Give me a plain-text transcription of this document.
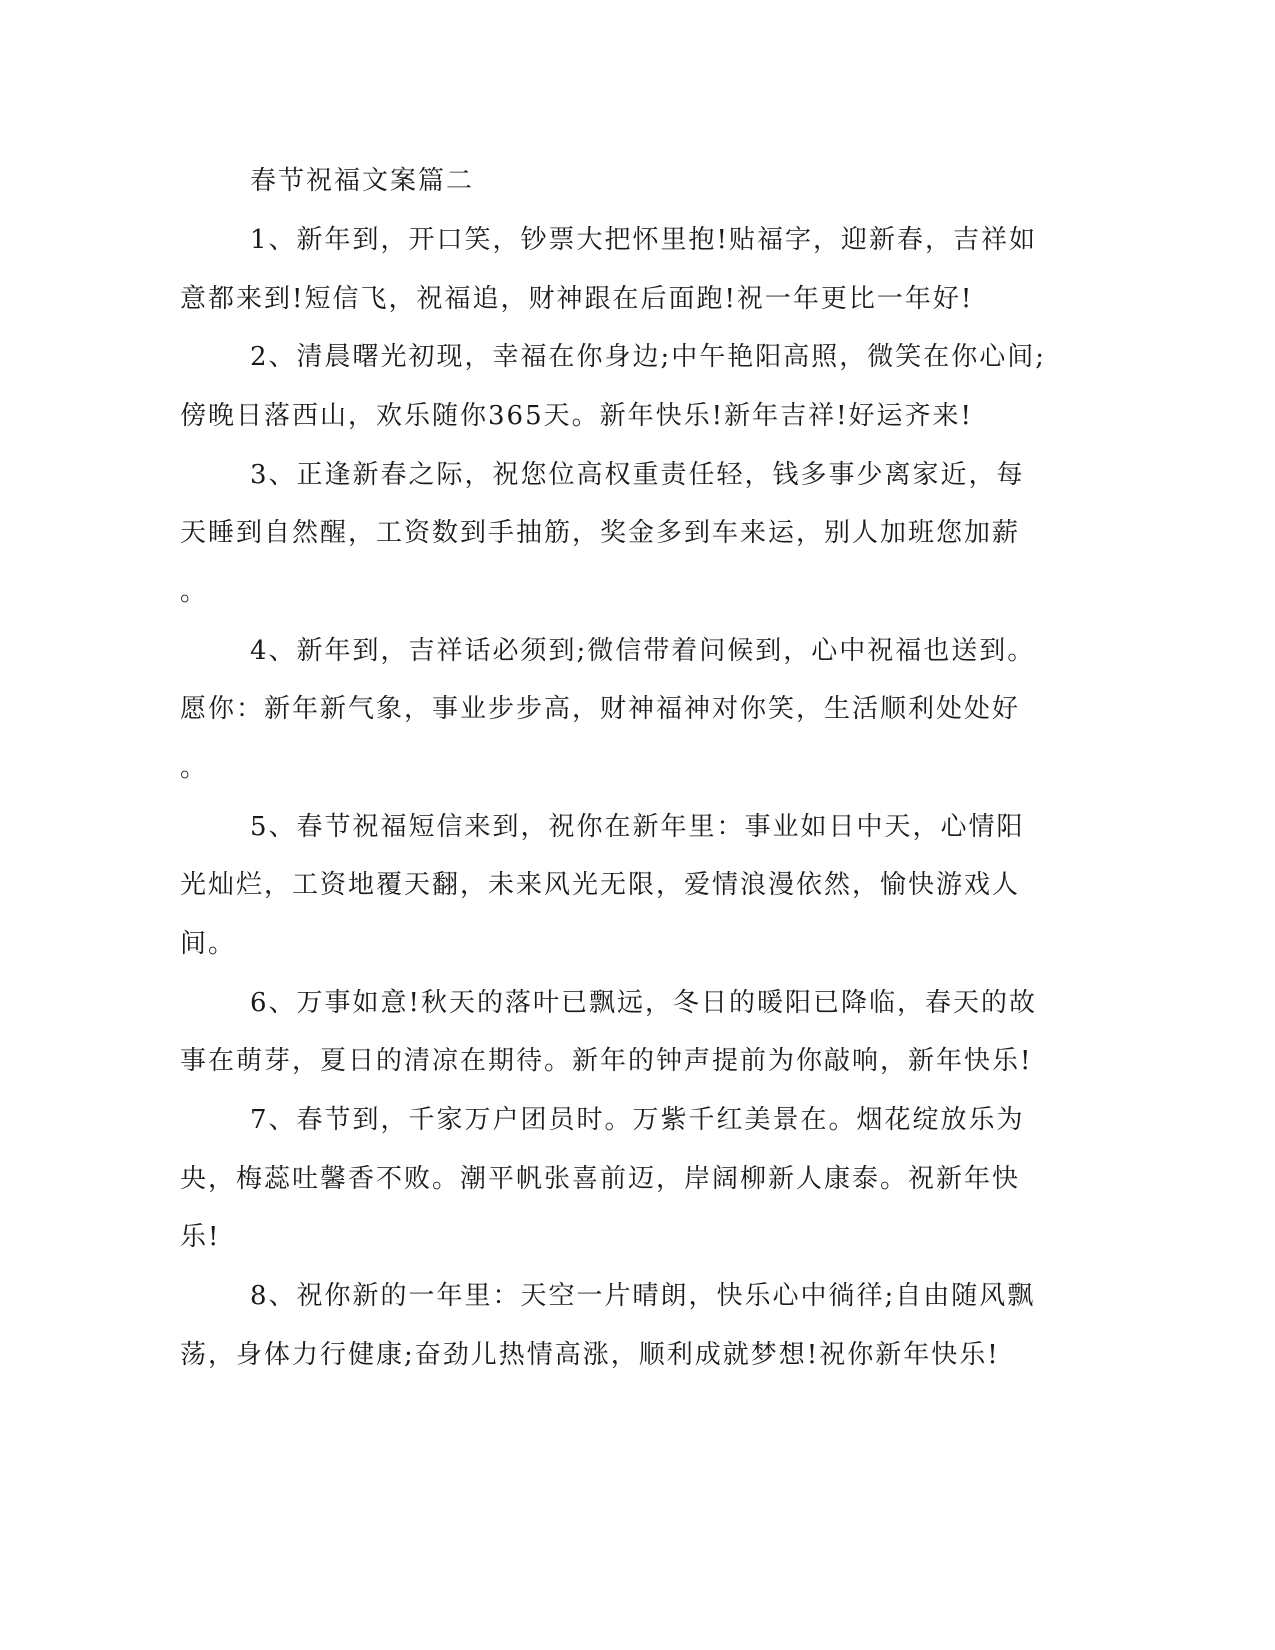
春节祝福文案篇二
1、新年到，开口笑，钞票大把怀里抱!贴福字，迎新春，吉祥如
意都来到!短信飞，祝福追，财神跟在后面跑!祝一年更比一年好!
2、清晨曙光初现，幸福在你身边;中午艳阳高照，微笑在你心间;
傍晚日落西山，欢乐随你365天。新年快乐!新年吉祥!好运齐来!
3、正逢新春之际，祝您位高权重责任轻，钱多事少离家近，每
天睡到自然醒，工资数到手抽筋，奖金多到车来运，别人加班您加薪
。
4、新年到，吉祥话必须到;微信带着问候到，心中祝福也送到。
愿你：新年新气象，事业步步高，财神福神对你笑，生活顺利处处好
。
5、春节祝福短信来到，祝你在新年里：事业如日中天，心情阳
光灿烂，工资地覆天翻，未来风光无限，爱情浪漫依然，愉快游戏人
间。
6、万事如意!秋天的落叶已飘远，冬日的暖阳已降临，春天的故
事在萌芽，夏日的清凉在期待。新年的钟声提前为你敲响，新年快乐!
7、春节到，千家万户团员时。万紫千红美景在。烟花绽放乐为
央，梅蕊吐馨香不败。潮平帆张喜前迈，岸阔柳新人康泰。祝新年快
乐!
8、祝你新的一年里：天空一片晴朗，快乐心中徜徉;自由随风飘
荡，身体力行健康;奋劲儿热情高涨，顺利成就梦想!祝你新年快乐!
